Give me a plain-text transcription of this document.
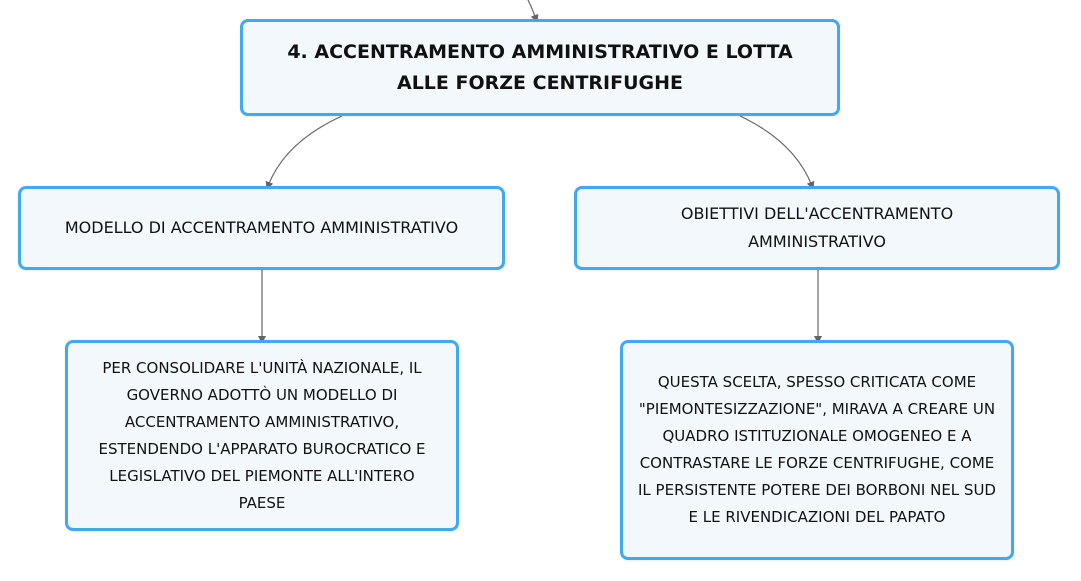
4. ACCENTRAMENTO AMMINISTRATIVO E LOTTA ALLE FORZE CENTRIFUGHE
MODELLO DI ACCENTRAMENTO AMMINISTRATIVO
OBIETTIVI DELL'ACCENTRAMENTO AMMINISTRATIVO
PER CONSOLIDARE L'UNITÀ NAZIONALE, IL GOVERNO ADOTTÒ UN MODELLO DI ACCENTRAMENTO AMMINISTRATIVO, ESTENDENDO L'APPARATO BUROCRATICO E LEGISLATIVO DEL PIEMONTE ALL'INTERO PAESE
QUESTA SCELTA, SPESSO CRITICATA COME "PIEMONTESIZZAZIONE", MIRAVA A CREARE UN QUADRO ISTITUZIONALE OMOGENEO E A CONTRASTARE LE FORZE CENTRIFUGHE, COME IL PERSISTENTE POTERE DEI BORBONI NEL SUD E LE RIVENDICAZIONI DEL PAPATO
